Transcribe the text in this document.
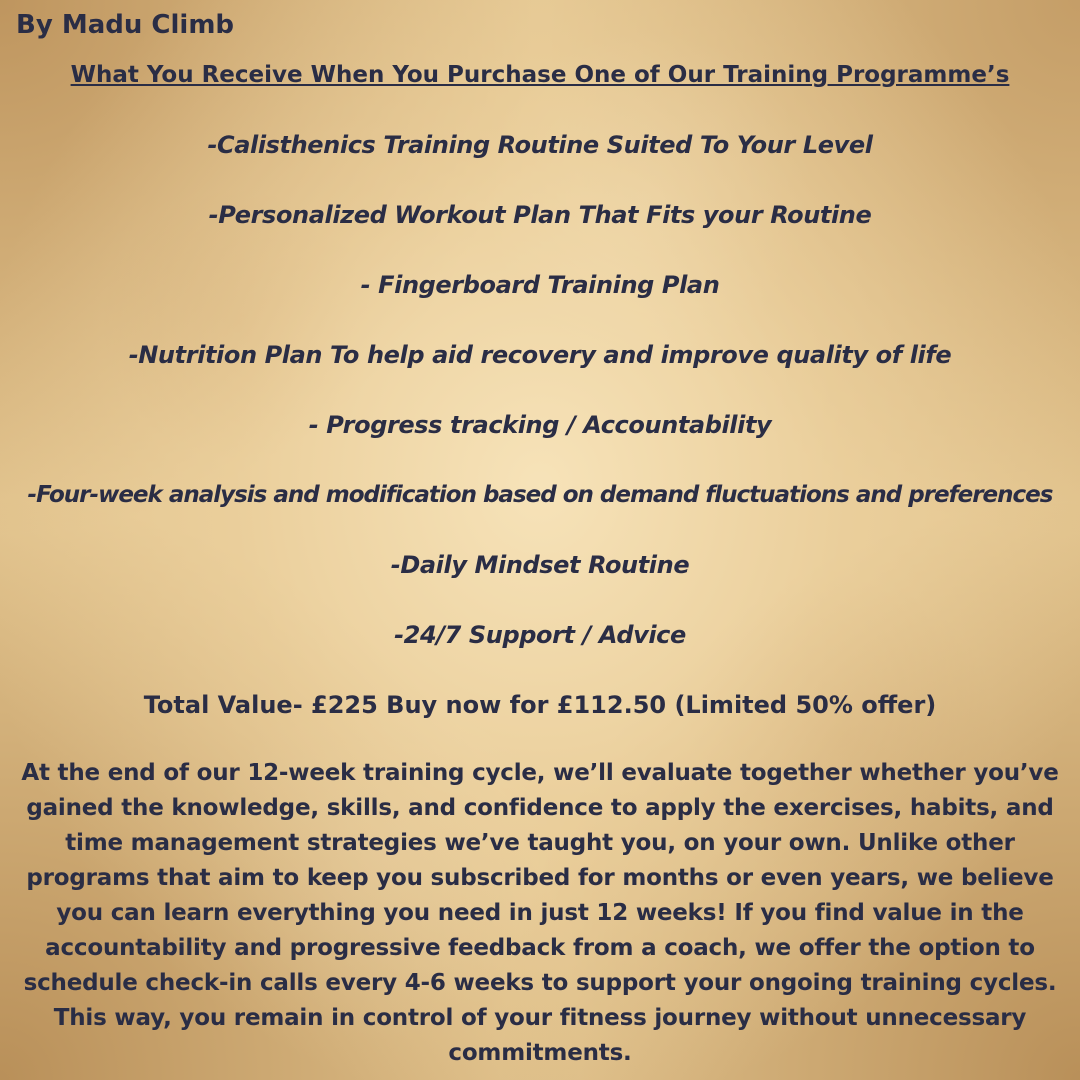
By Madu Climb
What You Receive When You Purchase One of Our Training Programme’s
-Calisthenics Training Routine Suited To Your Level
-Personalized Workout Plan That Fits your Routine
- Fingerboard Training Plan
-Nutrition Plan To help aid recovery and improve quality of life
- Progress tracking / Accountability
-Four-week analysis and modification based on demand fluctuations and preferences
-Daily Mindset Routine
-24/7 Support / Advice

Total Value- £225 Buy now for £112.50 (Limited 50% offer)

At the end of our 12-week training cycle, we’ll evaluate together whether you’ve gained the knowledge, skills, and confidence to apply the exercises, habits, and time management strategies we’ve taught you, on your own. Unlike other programs that aim to keep you subscribed for months or even years, we believe you can learn everything you need in just 12 weeks! If you find value in the accountability and progressive feedback from a coach, we offer the option to schedule check-in calls every 4-6 weeks to support your ongoing training cycles. This way, you remain in control of your fitness journey without unnecessary commitments.
